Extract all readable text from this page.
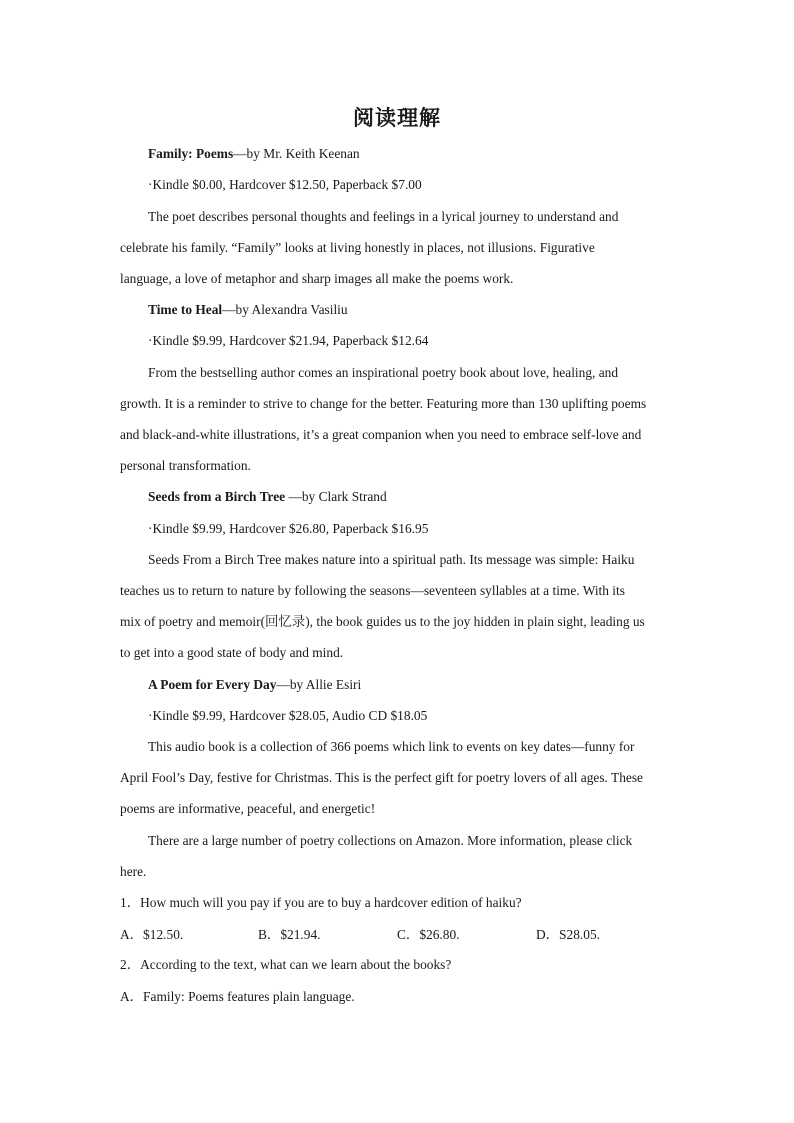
阅读理解
Family: Poems—by Mr. Keith Keenan
·Kindle $0.00, Hardcover $12.50, Paperback $7.00
The poet describes personal thoughts and feelings in a lyrical journey to understand and
celebrate his family. “Family” looks at living honestly in places, not illusions. Figurative
language, a love of metaphor and sharp images all make the poems work.
Time to Heal—by Alexandra Vasiliu
·Kindle $9.99, Hardcover $21.94, Paperback $12.64
From the bestselling author comes an inspirational poetry book about love, healing, and
growth. It is a reminder to strive to change for the better. Featuring more than 130 uplifting poems
and black-and-white illustrations, it’s a great companion when you need to embrace self-love and
personal transformation.
Seeds from a Birch Tree —by Clark Strand
·Kindle $9.99, Hardcover $26.80, Paperback $16.95
Seeds From a Birch Tree makes nature into a spiritual path. Its message was simple: Haiku
teaches us to return to nature by following the seasons—seventeen syllables at a time. With its
mix of poetry and memoir(回忆录), the book guides us to the joy hidden in plain sight, leading us
to get into a good state of body and mind.
A Poem for Every Day—by Allie Esiri
·Kindle $9.99, Hardcover $28.05, Audio CD $18.05
This audio book is a collection of 366 poems which link to events on key dates—funny for
April Fool’s Day, festive for Christmas. This is the perfect gift for poetry lovers of all ages. These
poems are informative, peaceful, and energetic!
There are a large number of poetry collections on Amazon. More information, please click
here.
1．How much will you pay if you are to buy a hardcover edition of haiku?
A．$12.50.	B．$21.94.	C．$26.80.	D．S28.05.
2．According to the text, what can we learn about the books?
A．Family: Poems features plain language.
